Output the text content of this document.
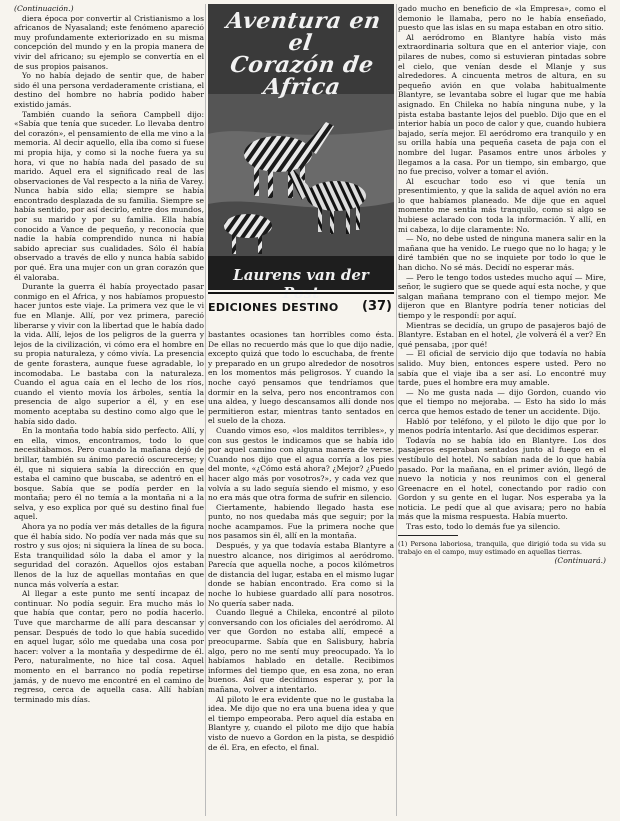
(Continuación.)

diera época por convertir al Cristianismo a los africanos de Nyasaland; este fenómeno apareció muy profundamente exteriorizado en su misma concepción del mundo y en la propia manera de vivir del africano; su ejemplo se convertía en el de sus propios paisanos.

Yo no había dejado de sentir que, de haber sido él una persona verdaderamente cristiana, el destino del hombre no habría podido haber existido jamás.

También cuando la señora Campbell dijo: «Sabía que tenía que suceder. Lo llevaba dentro del corazón», el pensamiento de ella me vino a la memoria. Al decir aquello, ella iba como si fuese mi propia hija, y como si la noche fuera ya su hora, vi que no había nada del pasado de su marido. Aquel era el significado real de las observaciones de Val respecto a la niña de Varey. Nunca había sido ella; siempre se había encontrado desplazada de su familia. Siempre se había sentido, por así decirlo, entre dos mundos, por su marido y por su familia. Ella había conocido a Vance de pequeño, y reconocía que nadie la había comprendido nunca ni había sabido apreciar sus cualidades. Sólo él había observado a través de ello y nunca había sabido por qué. Era una mujer con un gran corazón que él valoraba.

Durante la guerra él había proyectado pasar conmigo en el Africa, y nos habíamos propuesto hacer juntos este viaje. La primera vez que le vi fue en Mlanje. Allí, por vez primera, pareció liberarse y vivir con la libertad que le había dado la vida. Allí, lejos de los peligros de la guerra y lejos de la civilización, vi cómo era el hombre en su propia naturaleza, y cómo vivía. La presencia de gente forastera, aunque fuese agradable, lo incomodaba. Le bastaba con la naturaleza. Cuando el agua caía en el lecho de los ríos, cuando el viento movía los árboles, sentía la presencia de algo superior a él, y en ese momento aceptaba su destino como algo que le había sido dado.

En la montaña todo había sido perfecto. Allí, y en ella, vimos, encontramos, todo lo que necesitábamos. Pero cuando la mañana dejó de brillar, también su ánimo pareció oscurecerse; y él, que ni siquiera sabía la dirección en que estaba el camino que buscaba, se adentró en el bosque. Sabía que se podía perder en la montaña; pero él no temía a la montaña ni a la selva, y eso explica por qué su destino final fue aquel.

Ahora ya no podía ver más detalles de la figura que él había sido. No podía ver nada más que su rostro y sus ojos; ni siquiera la línea de su boca. Esta tranquilidad sólo la daba el amor y la seguridad del corazón. Aquellos ojos estaban llenos de la luz de aquellas montañas en que nunca más volvería a estar.

Al llegar a este punto me sentí incapaz de continuar. No podía seguir. Era mucho más lo que había que contar, pero no podía hacerlo. Tuve que marcharme de allí para descansar y pensar. Después de todo lo que había sucedido en aquel lugar, sólo me quedaba una cosa por hacer: volver a la montaña y despedirme de él. Pero, naturalmente, no hice tal cosa. Aquel momento en el barranco no podía repetirse jamás, y de nuevo me encontré en el camino de regreso, cerca de aquella casa. Allí habían terminado mis días.

Aventura en el
Corazón de
Africa
Laurens van der Post
EDICIONES DESTINO (37)

bastantes ocasiones tan horribles como ésta. De ellas no recuerdo más que lo que dijo nadie, excepto quizá que todo lo escuchaba, de frente y preparado en un grupo alrededor de nosotros en los momentos más peligrosos. Y cuando la noche cayó pensamos que tendríamos que dormir en la selva, pero nos encontramos con una aldea, y luego descansamos allí donde nos permitieron estar, mientras tanto sentados en el suelo de la choza.

Cuando vimos eso, «los malditos terribles», y con sus gestos le indicamos que se había ido por aquel camino con alguna manera de verse. Cuando nos dijo que el agua corría a los pies del monte, «¿Cómo está ahora? ¿Mejor? ¿Puedo hacer algo más por vosotros?», y cada vez que volvía a su lado seguía siendo el mismo, y eso no era más que otra forma de sufrir en silencio.

Ciertamente, habiendo llegado hasta ese punto, no nos quedaba más que seguir; por la noche acampamos. Fue la primera noche que nos pasamos sin él, allí en la montaña.

Después, y ya que todavía estaba Blantyre a nuestro alcance, nos dirigimos al aeródromo. Parecía que aquella noche, a pocos kilómetros de distancia del lugar, estaba en el mismo lugar donde se habían encontrado. Era como si la noche lo hubiese guardado allí para nosotros. No quería saber nada.

Cuando llegué a Chileka, encontré al piloto conversando con los oficiales del aeródromo. Al ver que Gordon no estaba allí, empecé a preocuparme. Sabía que en Salisbury, habría algo, pero no me sentí muy preocupado. Ya lo habíamos hablado en detalle. Recibimos informes del tiempo que, en esa zona, no eran buenos. Así que decidimos esperar y, por la mañana, volver a intentarlo.

Al piloto le era evidente que no le gustaba la idea. Me dijo que no era una buena idea y que el tiempo empeoraba. Pero aquel día estaba en Blantyre y, cuando el piloto me dijo que había visto de nuevo a Gordon en la pista, se despidió de él. Era, en efecto, el final.

gado mucho en beneficio de «la Empresa», como el demonio le llamaba, pero no le había enseñado, puesto que las islas en su mapa estaban en otro sitio.

Al aeródromo en Blantyre había visto más extraordinaria soltura que en el anterior viaje, con pilares de nubes, como si estuvieran pintadas sobre el cielo, que venían desde el Mlanje y sus alrededores. A cincuenta metros de altura, en su pequeño avión en que volaba habitualmente Blantyre, se levantaba sobre el lugar que me había asignado. En Chileka no había ninguna nube, y la pista estaba bastante lejos del pueblo. Dijo que en el interior había un poco de calor y que, cuando hubiera bajado, sería mejor. El aeródromo era tranquilo y en su orilla había una pequeña caseta de paja con el nombre del lugar. Pasamos entre unos árboles y llegamos a la casa. Por un tiempo, sin embargo, que no fue preciso, volver a tomar el avión.

Al escuchar todo eso vi que tenía un presentimiento, y que la salida de aquel avión no era lo que habíamos planeado. Me dije que en aquel momento me sentía más tranquilo, como si algo se hubiese aclarado con toda la información. Y allí, en mi cabeza, lo dije claramente: No.

— No, no debe usted de ninguna manera salir en la mañana que ha venido. Le ruego que no lo haga; y le diré también que no se inquiete por todo lo que le han dicho. No sé más. Decidí no esperar más.

— Pero le tengo todos ustedes mucho aquí — Mire, señor, le sugiero que se quede aquí esta noche, y que salgan mañana temprano con el tiempo mejor. Me dijeron que en Blantyre podría tener noticias del tiempo y le respondí: por aquí.

Mientras se decidía, un grupo de pasajeros bajó de Blantyre. Estaban en el hotel, ¿le volverá él a ver? En qué pensaba, ¡por qué!

— El oficial de servicio dijo que todavía no había salido. Muy bien, entonces espere usted. Pero no sabía que el viaje iba a ser así. Lo encontré muy tarde, pues el hombre era muy amable.

— No me gusta nada — dijo Gordon, cuando vio que el tiempo no mejoraba. — Esto ha sido lo más cerca que hemos estado de tener un accidente. Dijo.

Habló por teléfono, y el piloto le dijo que por lo menos podría intentarlo. Así que decidimos esperar.

Todavía no se había ido en Blantyre. Los dos pasajeros esperaban sentados junto al fuego en el vestíbulo del hotel. No sabían nada de lo que había pasado. Por la mañana, en el primer avión, llegó de nuevo la noticia y nos reunimos con el general Greenacre en el hotel, conectando por radio con Gordon y su gente en el lugar. Nos esperaba ya la noticia. Le pedí que al que avisara; pero no había más que la misma respuesta. Había muerto.

Tras esto, todo lo demás fue ya silencio.

(1) Persona laboriosa, tranquila, que dirigió toda su vida su trabajo en el campo, muy estimado en aquellas tierras.

(Continuará.)
